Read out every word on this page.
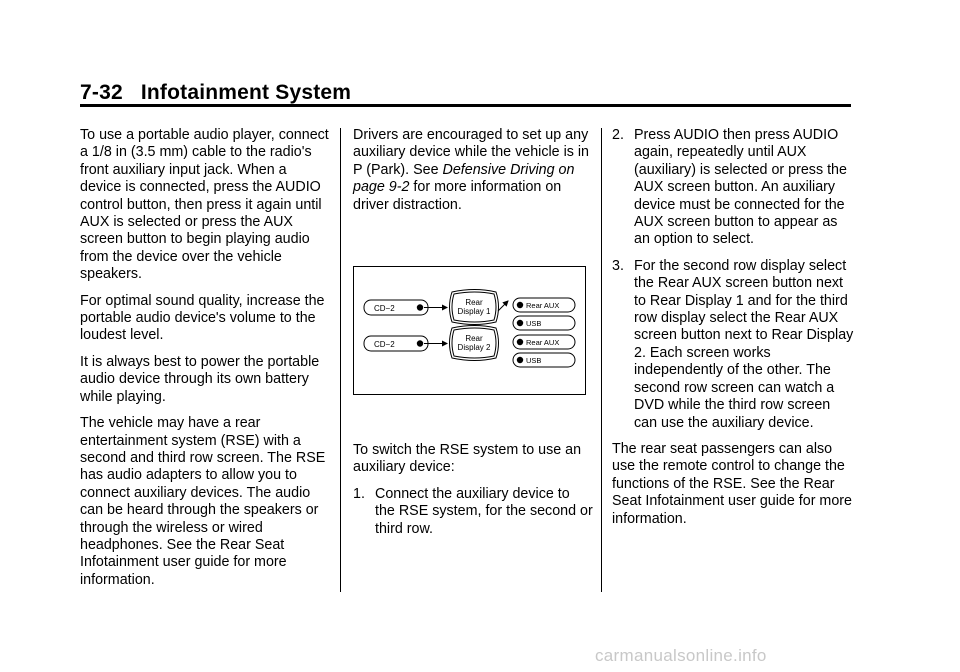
7-32 Infotainment System

To use a portable audio player, connect a 1/8 in (3.5 mm) cable to the radio's front auxiliary input jack. When a device is connected, press the AUDIO control button, then press it again until AUX is selected or press the AUX screen button to begin playing audio from the device over the vehicle speakers.

For optimal sound quality, increase the portable audio device's volume to the loudest level.

It is always best to power the portable audio device through its own battery while playing.

The vehicle may have a rear entertainment system (RSE) with a second and third row screen. The RSE has audio adapters to allow you to connect auxiliary devices. The audio can be heard through the speakers or through the wireless or wired headphones. See the Rear Seat Infotainment user guide for more information.

Drivers are encouraged to set up any auxiliary device while the vehicle is in P (Park). See Defensive Driving on page 9-2 for more information on driver distraction.

CD−2
Rear
Display 1
Rear AUX
USB
CD−2
Rear
Display 2
Rear AUX
USB

To switch the RSE system to use an auxiliary device:

1. Connect the auxiliary device to the RSE system, for the second or third row.
2. Press AUDIO then press AUDIO again, repeatedly until AUX (auxiliary) is selected or press the AUX screen button. An auxiliary device must be connected for the AUX screen button to appear as an option to select.
3. For the second row display select the Rear AUX screen button next to Rear Display 1 and for the third row display select the Rear AUX screen button next to Rear Display 2. Each screen works independently of the other. The second row screen can watch a DVD while the third row screen can use the auxiliary device.

The rear seat passengers can also use the remote control to change the functions of the RSE. See the Rear Seat Infotainment user guide for more information.

carmanualsonline.info
